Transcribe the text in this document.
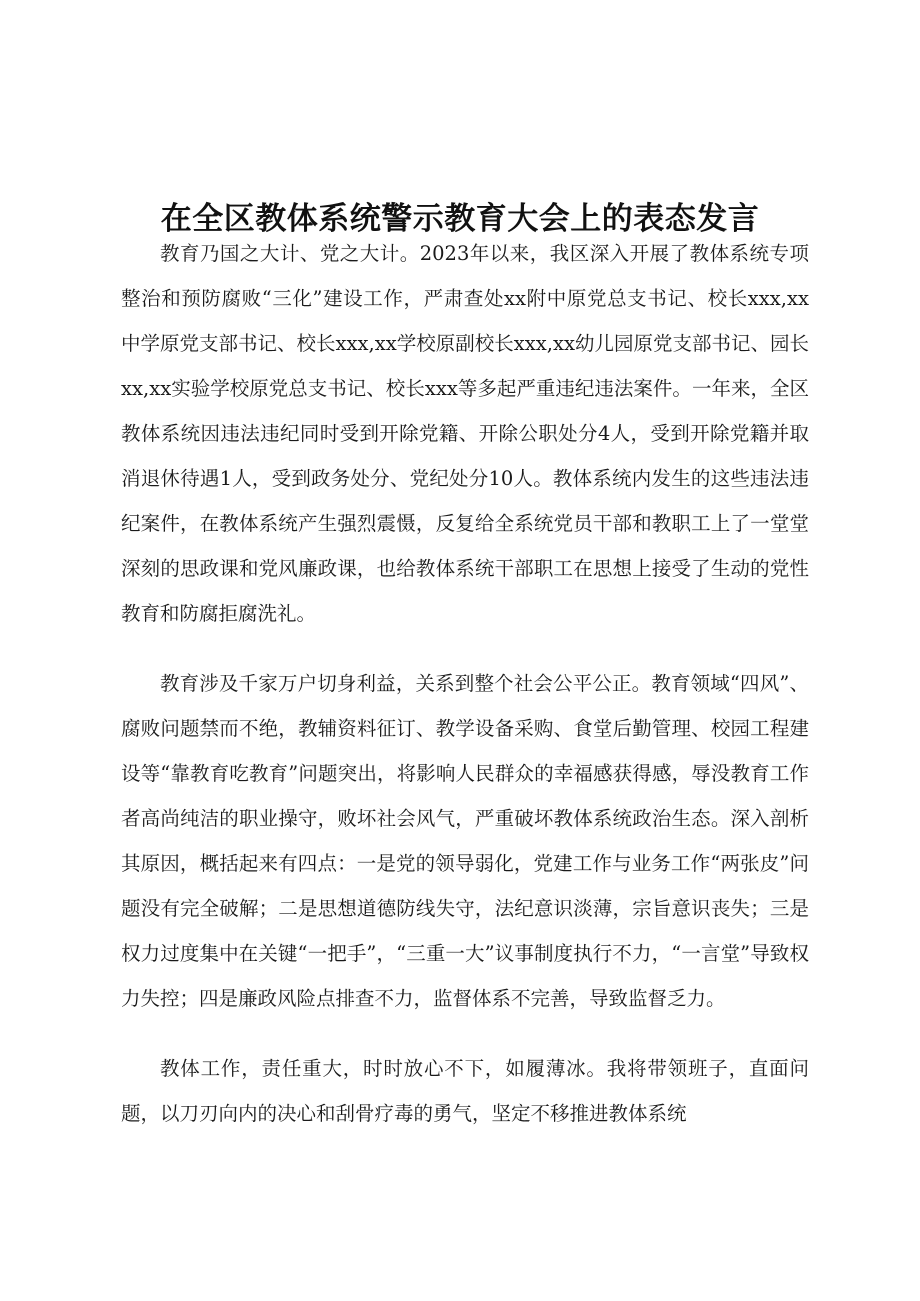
在全区教体系统警示教育大会上的表态发言

教育乃国之大计、党之大计。2023年以来，我区深入开展了教体系统专项整治和预防腐败“三化”建设工作，严肃查处xx附中原党总支书记、校长xxx,xx中学原党支部书记、校长xxx,xx学校原副校长xxx,xx幼儿园原党支部书记、园长xx,xx实验学校原党总支书记、校长xxx等多起严重违纪违法案件。一年来，全区教体系统因违法违纪同时受到开除党籍、开除公职处分4人，受到开除党籍并取消退休待遇1人，受到政务处分、党纪处分10人。教体系统内发生的这些违法违纪案件，在教体系统产生强烈震慑，反复给全系统党员干部和教职工上了一堂堂深刻的思政课和党风廉政课，也给教体系统干部职工在思想上接受了生动的党性教育和防腐拒腐洗礼。

教育涉及千家万户切身利益，关系到整个社会公平公正。教育领域“四风”、腐败问题禁而不绝，教辅资料征订、教学设备采购、食堂后勤管理、校园工程建设等“靠教育吃教育”问题突出，将影响人民群众的幸福感获得感，辱没教育工作者高尚纯洁的职业操守，败坏社会风气，严重破坏教体系统政治生态。深入剖析其原因，概括起来有四点：一是党的领导弱化，党建工作与业务工作“两张皮”问题没有完全破解；二是思想道德防线失守，法纪意识淡薄，宗旨意识丧失；三是权力过度集中在关键“一把手”，“三重一大”议事制度执行不力，“一言堂”导致权力失控；四是廉政风险点排查不力，监督体系不完善，导致监督乏力。

教体工作，责任重大，时时放心不下，如履薄冰。我将带领班子，直面问题，以刀刃向内的决心和刮骨疗毒的勇气，坚定不移推进教体系统
